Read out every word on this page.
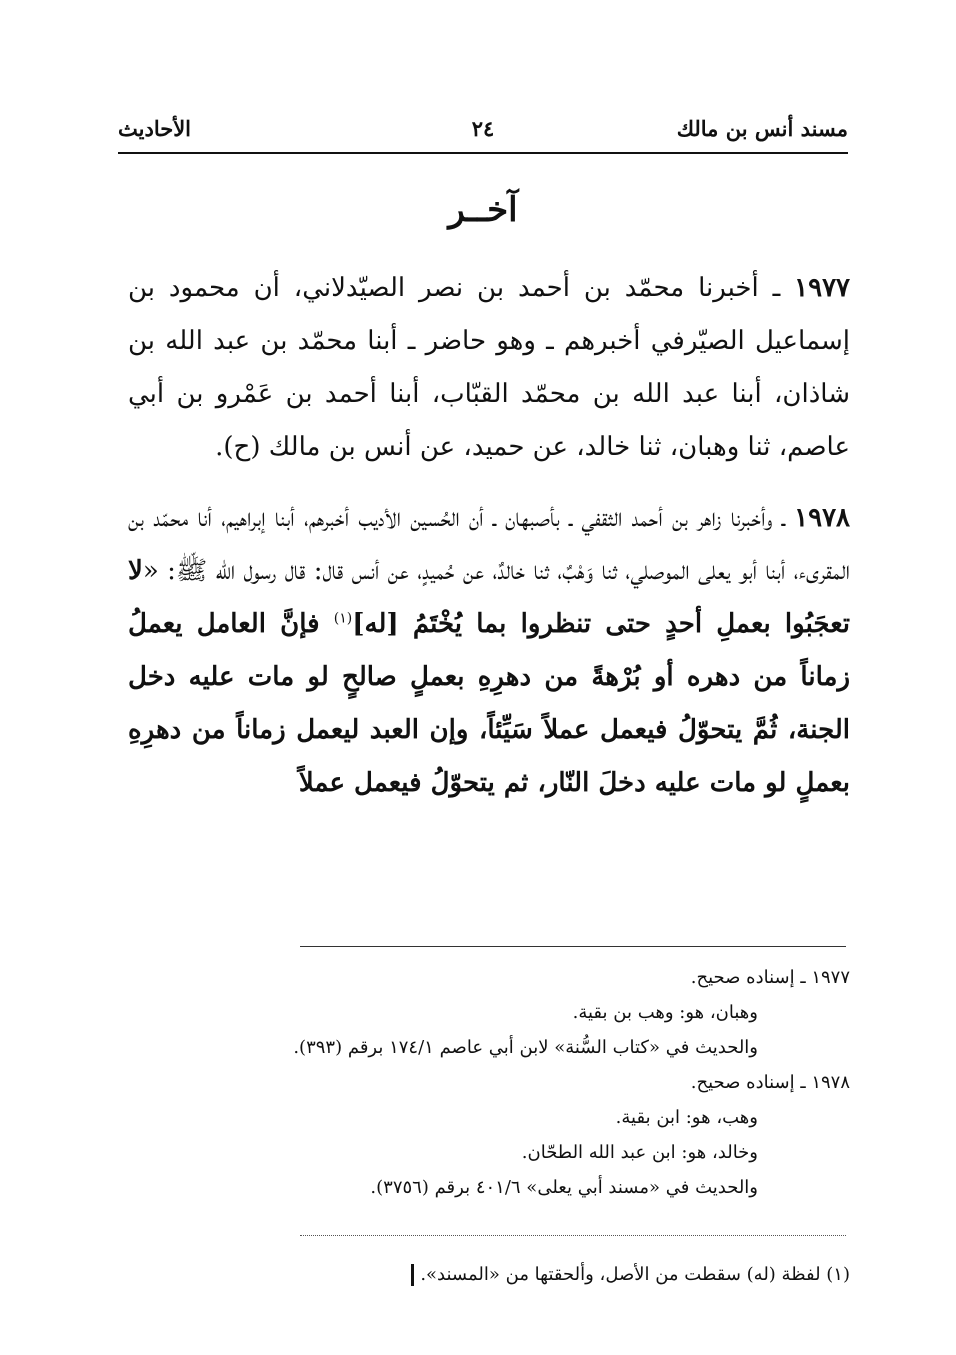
مسند أنس بن مالك
٢٤
الأحاديث
آخــر

١٩٧٧ ـ أخبرنا محمّد بن أحمد بن نصر الصيّدلاني، أن محمود بن إسماعيل الصيّرفي أخبرهم ـ وهو حاضر ـ أبنا محمّد بن عبد الله بن شاذان، أبنا عبد الله بن محمّد القبّاب، أبنا أحمد بن عَمْرو بن أبي عاصم، ثنا وهبان، ثنا خالد، عن حميد، عن أنس بن مالك (ح).

١٩٧٨ ـ وأخبرنا زاهر بن أحمد الثقفي ـ بأصبهان ـ أن الحُسين الأديب أخبرهم، أبنا إبراهيم، أنا محمّد بن المقرىء، أبنا أبو يعلى الموصلي، ثنا وَهْبٌ، ثنا خالدٌ، عن حُميدٍ، عن أنس قال: قال رسول الله ﷺ: «لا تعجَبُوا بعملِ أحدٍ حتى تنظروا بما يُخْتَمُ [له]$^{(١)}$ فإنَّ العامل يعملُ زماناً من دهره أو بُرْهةً من دهرِهِ بعملٍ صالحٍ لو مات عليه دخل الجنة، ثُمَّ يتحوّلُ فيعمل عملاً سَيِّئاً، وإن العبد ليعمل زماناً من دهرِهِ بعملٍ لو مات عليه دخلَ النّار، ثم يتحوّلُ فيعمل عملاً

١٩٧٧ ـ إسناده صحيح.
وهبان، هو: وهب بن بقية.
والحديث في «كتاب السُّنة» لابن أبي عاصم ١٧٤/١ برقم (٣٩٣).
١٩٧٨ ـ إسناده صحيح.
وهب، هو: ابن بقية.
وخالد، هو: ابن عبد الله الطحّان.
والحديث في «مسند أبي يعلى» ٤٠١/٦ برقم (٣٧٥٦).
(١) لفظة (له) سقطت من الأصل، وألحقتها من «المسند».
